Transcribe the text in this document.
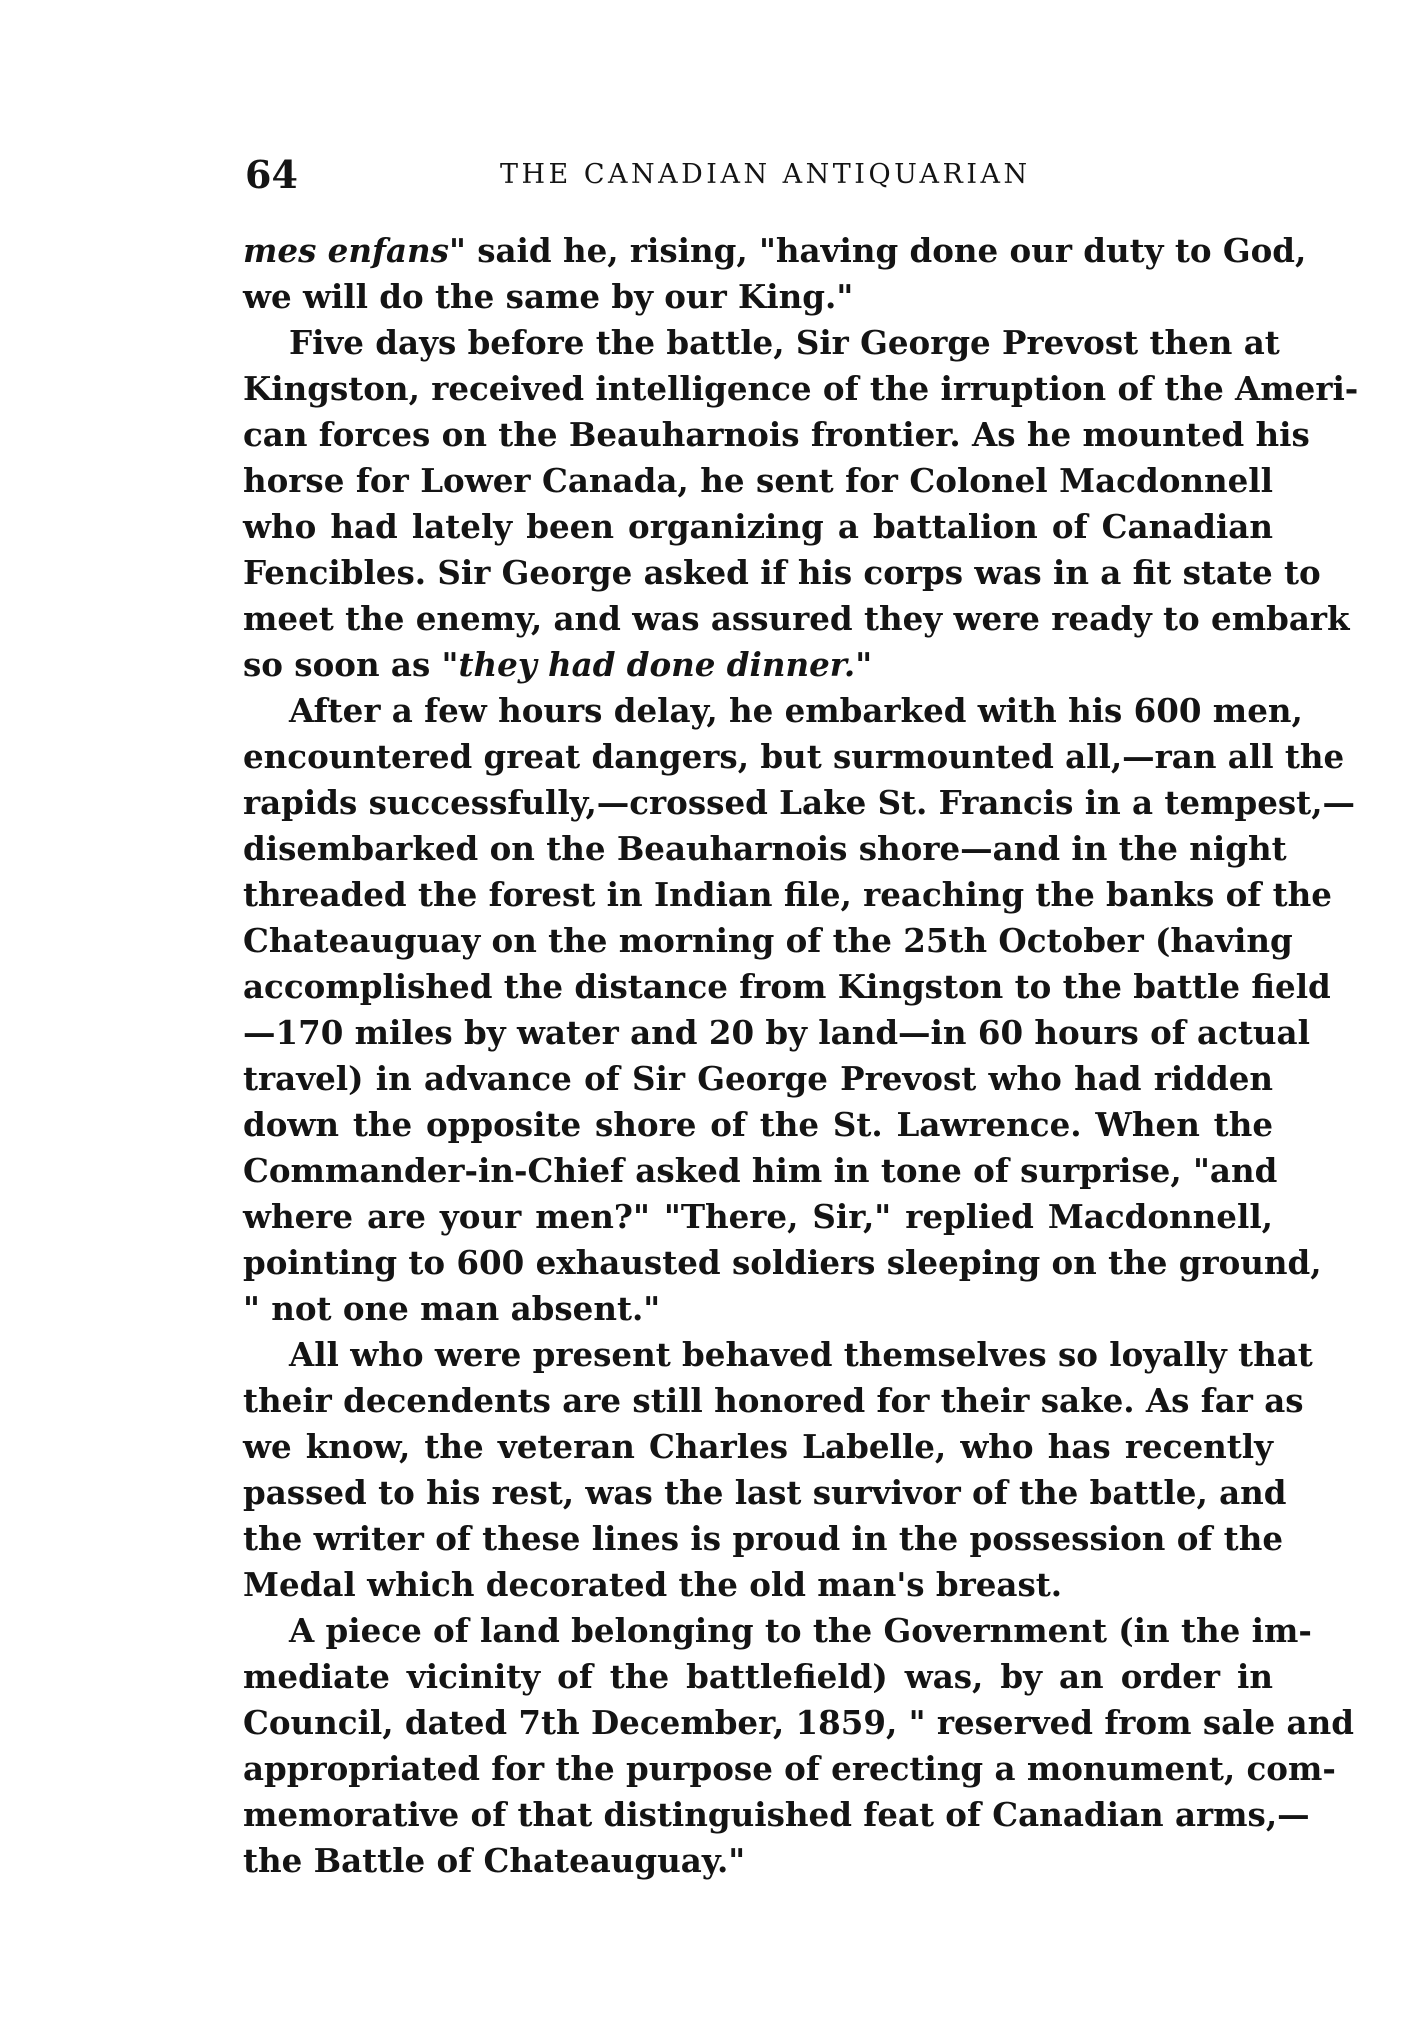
64	THE CANADIAN ANTIQUARIAN
mes enfans" said he, rising, "having done our duty to God,
we will do the same by our King."
Five days before the battle, Sir George Prevost then at
Kingston, received intelligence of the irruption of the Ameri-
can forces on the Beauharnois frontier. As he mounted his
horse for Lower Canada, he sent for Colonel Macdonnell
who had lately been organizing a battalion of Canadian
Fencibles. Sir George asked if his corps was in a fit state to
meet the enemy, and was assured they were ready to embark
so soon as "they had done dinner."
After a few hours delay, he embarked with his 600 men,
encountered great dangers, but surmounted all,—ran all the
rapids successfully,—crossed Lake St. Francis in a tempest,—
disembarked on the Beauharnois shore—and in the night
threaded the forest in Indian file, reaching the banks of the
Chateauguay on the morning of the 25th October (having
accomplished the distance from Kingston to the battle field
—170 miles by water and 20 by land—in 60 hours of actual
travel) in advance of Sir George Prevost who had ridden
down the opposite shore of the St. Lawrence. When the
Commander-in-Chief asked him in tone of surprise, "and
where are your men?" "There, Sir," replied Macdonnell,
pointing to 600 exhausted soldiers sleeping on the ground,
" not one man absent."
All who were present behaved themselves so loyally that
their decendents are still honored for their sake. As far as
we know, the veteran Charles Labelle, who has recently
passed to his rest, was the last survivor of the battle, and
the writer of these lines is proud in the possession of the
Medal which decorated the old man's breast.
A piece of land belonging to the Government (in the im-
mediate vicinity of the battlefield) was, by an order in
Council, dated 7th December, 1859, " reserved from sale and
appropriated for the purpose of erecting a monument, com-
memorative of that distinguished feat of Canadian arms,—
the Battle of Chateauguay."
